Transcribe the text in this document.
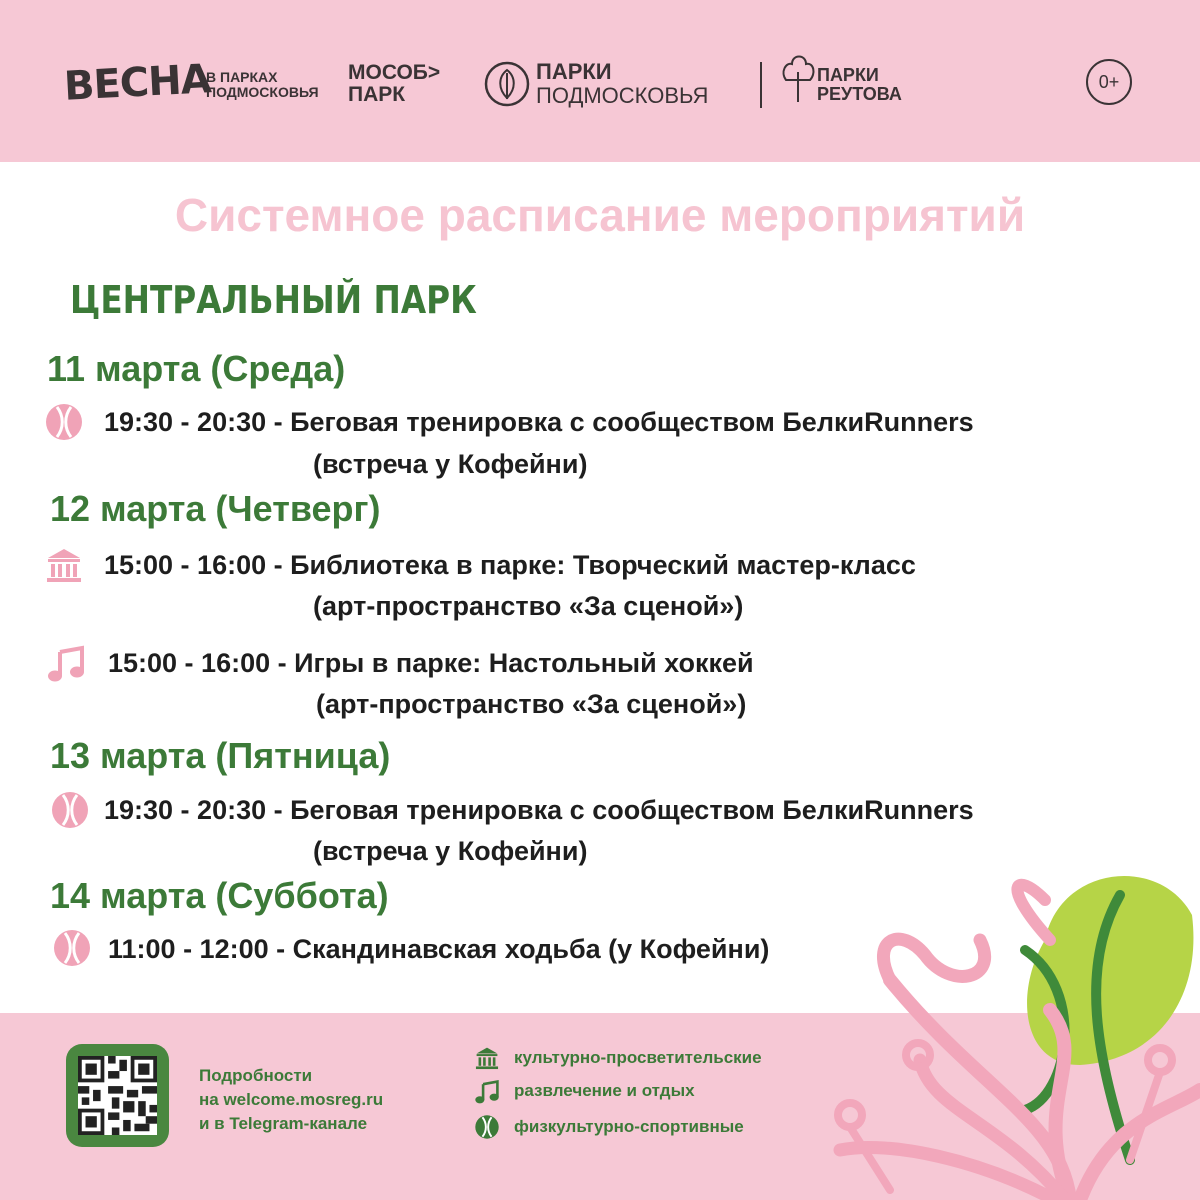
ВЕСНА
В ПАРКАХ
ПОДМОСКОВЬЯ
МОСОБ>
ПАРК
ПАРКИ
ПОДМОСКОВЬЯ
ПАРКИ
РЕУТОВА
0+
Системное расписание мероприятий
ЦЕНТРАЛЬНЫЙ ПАРК
11 марта (Среда)
19:30 - 20:30 - Беговая тренировка с сообществом БелкиRunners
(встреча у Кофейни)
12 марта (Четверг)
15:00 - 16:00 - Библиотека в парке: Творческий мастер-класс
(арт-пространство «За сценой»)
15:00 - 16:00 - Игры в парке: Настольный хоккей
(арт-пространство «За сценой»)
13 марта (Пятница)
19:30 - 20:30 - Беговая тренировка с сообществом БелкиRunners
(встреча у Кофейни)
14 марта (Суббота)
11:00 - 12:00 - Скандинавская ходьба (у Кофейни)
Подробности
на welcome.mosreg.ru
и в Telegram-канале
культурно-просветительские
развлечение и отдых
физкультурно-спортивные
